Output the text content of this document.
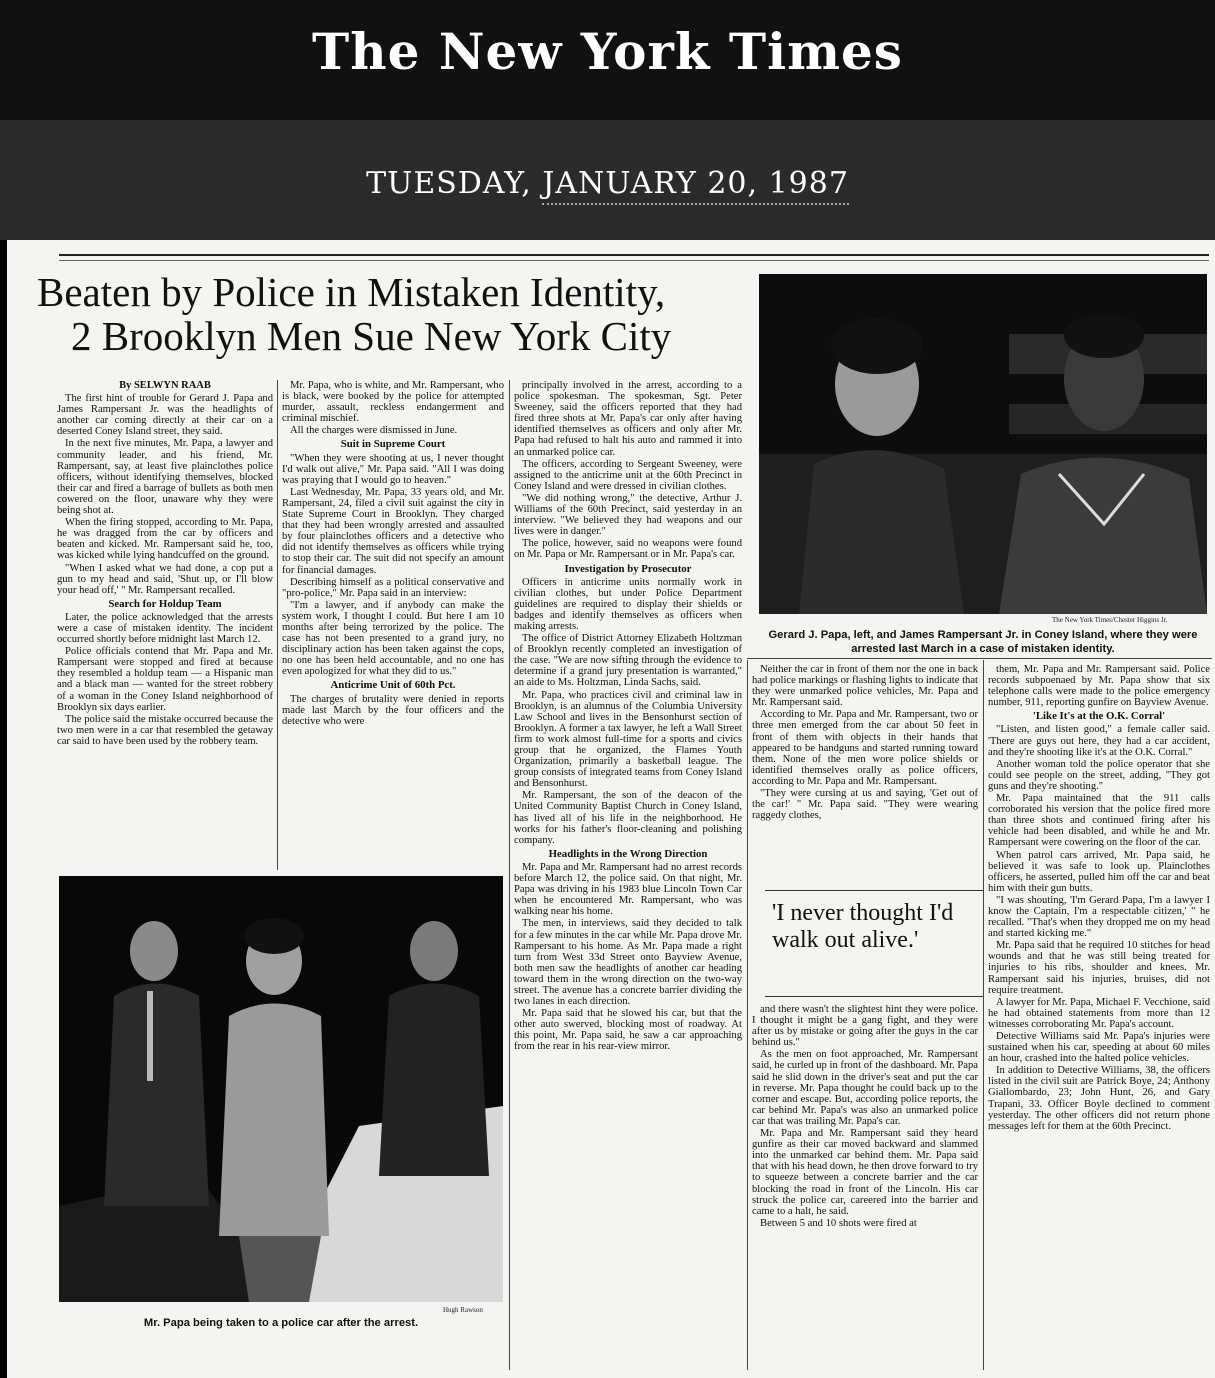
The New York Times
TUESDAY, JANUARY 20, 1987
Beaten by Police in Mistaken Identity,
2 Brooklyn Men Sue New York City
The New York Times/Chester Higgins Jr.
Gerard J. Papa, left, and James Rampersant Jr. in Coney Island, where they were arrested last March in a case of mistaken identity.
By SELWYN RAAB

The first hint of trouble for Gerard J. Papa and James Rampersant Jr. was the headlights of another car coming directly at their car on a deserted Coney Island street, they said.

In the next five minutes, Mr. Papa, a lawyer and community leader, and his friend, Mr. Rampersant, say, at least five plainclothes police officers, without identifying themselves, blocked their car and fired a barrage of bullets as both men cowered on the floor, unaware why they were being shot at.

When the firing stopped, according to Mr. Papa, he was dragged from the car by officers and beaten and kicked. Mr. Rampersant said he, too, was kicked while lying handcuffed on the ground.

"When I asked what we had done, a cop put a gun to my head and said, 'Shut up, or I'll blow your head off,' " Mr. Rampersant recalled.

Search for Holdup Team

Later, the police acknowledged that the arrests were a case of mistaken identity. The incident occurred shortly before midnight last March 12.

Police officials contend that Mr. Papa and Mr. Rampersant were stopped and fired at because they resembled a holdup team — a Hispanic man and a black man — wanted for the street robbery of a woman in the Coney Island neighborhood of Brooklyn six days earlier.

The police said the mistake occurred because the two men were in a car that resembled the getaway car said to have been used by the robbery team.

Mr. Papa, who is white, and Mr. Rampersant, who is black, were booked by the police for attempted murder, assault, reckless endangerment and criminal mischief.

All the charges were dismissed in June.

Suit in Supreme Court

"When they were shooting at us, I never thought I'd walk out alive," Mr. Papa said. "All I was doing was praying that I would go to heaven."

Last Wednesday, Mr. Papa, 33 years old, and Mr. Rampersant, 24, filed a civil suit against the city in State Supreme Court in Brooklyn. They charged that they had been wrongly arrested and assaulted by four plainclothes officers and a detective who did not identify themselves as officers while trying to stop their car. The suit did not specify an amount for financial damages.

Describing himself as a political conservative and "pro-police," Mr. Papa said in an interview:

"I'm a lawyer, and if anybody can make the system work, I thought I could. But here I am 10 months after being terrorized by the police. The case has not been presented to a grand jury, no disciplinary action has been taken against the cops, no one has been held accountable, and no one has even apologized for what they did to us."

Anticrime Unit of 60th Pct.

The charges of brutality were denied in reports made last March by the four officers and the detective who were

Hugh Rawson
Mr. Papa being taken to a police car after the arrest.

principally involved in the arrest, according to a police spokesman. The spokesman, Sgt. Peter Sweeney, said the officers reported that they had fired three shots at Mr. Papa's car only after having identified themselves as officers and only after Mr. Papa had refused to halt his auto and rammed it into an unmarked police car.

The officers, according to Sergeant Sweeney, were assigned to the anticrime unit at the 60th Precinct in Coney Island and were dressed in civilian clothes.

"We did nothing wrong," the detective, Arthur J. Williams of the 60th Precinct, said yesterday in an interview. "We believed they had weapons and our lives were in danger."

The police, however, said no weapons were found on Mr. Papa or Mr. Rampersant or in Mr. Papa's car.

Investigation by Prosecutor

Officers in anticrime units normally work in civilian clothes, but under Police Department guidelines are required to display their shields or badges and identify themselves as officers when making arrests.

The office of District Attorney Elizabeth Holtzman of Brooklyn recently completed an investigation of the case. "We are now sifting through the evidence to determine if a grand jury presentation is warranted," an aide to Ms. Holtzman, Linda Sachs, said.

Mr. Papa, who practices civil and criminal law in Brooklyn, is an alumnus of the Columbia University Law School and lives in the Bensonhurst section of Brooklyn. A former a tax lawyer, he left a Wall Street firm to work almost full-time for a sports and civics group that he organized, the Flames Youth Organization, primarily a basketball league. The group consists of integrated teams from Coney Island and Bensonhurst.

Mr. Rampersant, the son of the deacon of the United Community Baptist Church in Coney Island, has lived all of his life in the neighborhood. He works for his father's floor-cleaning and polishing company.

Headlights in the Wrong Direction

Mr. Papa and Mr. Rampersant had no arrest records before March 12, the police said. On that night, Mr. Papa was driving in his 1983 blue Lincoln Town Car when he encountered Mr. Rampersant, who was walking near his home.

The men, in interviews, said they decided to talk for a few minutes in the car while Mr. Papa drove Mr. Rampersant to his home. As Mr. Papa made a right turn from West 33d Street onto Bayview Avenue, both men saw the headlights of another car heading toward them in the wrong direction on the two-way street. The avenue has a concrete barrier dividing the two lanes in each direction.

Mr. Papa said that he slowed his car, but that the other auto swerved, blocking most of roadway. At this point, Mr. Papa said, he saw a car approaching from the rear in his rear-view mirror.

Neither the car in front of them nor the one in back had police markings or flashing lights to indicate that they were unmarked police vehicles, Mr. Papa and Mr. Rampersant said.

According to Mr. Papa and Mr. Rampersant, two or three men emerged from the car about 50 feet in front of them with objects in their hands that appeared to be handguns and started running toward them. None of the men wore police shields or identified themselves orally as police officers, according to Mr. Papa and Mr. Rampersant.

"They were cursing at us and saying, 'Get out of the car!' " Mr. Papa said. "They were wearing raggedy clothes,

'I never thought I'd walk out alive.'

and there wasn't the slightest hint they were police. I thought it might be a gang fight, and they were after us by mistake or going after the guys in the car behind us."

As the men on foot approached, Mr. Rampersant said, he curled up in front of the dashboard. Mr. Papa said he slid down in the driver's seat and put the car in reverse. Mr. Papa thought he could back up to the corner and escape. But, according police reports, the car behind Mr. Papa's was also an unmarked police car that was trailing Mr. Papa's car.

Mr. Papa and Mr. Rampersant said they heard gunfire as their car moved backward and slammed into the unmarked car behind them. Mr. Papa said that with his head down, he then drove forward to try to squeeze between a concrete barrier and the car blocking the road in front of the Lincoln. His car struck the police car, careered into the barrier and came to a halt, he said.

Between 5 and 10 shots were fired at

them, Mr. Papa and Mr. Rampersant said. Police records subpoenaed by Mr. Papa show that six telephone calls were made to the police emergency number, 911, reporting gunfire on Bayview Avenue.

'Like It's at the O.K. Corral'

"Listen, and listen good," a female caller said. 'There are guys out here, they had a car accident, and they're shooting like it's at the O.K. Corral."

Another woman told the police operator that she could see people on the street, adding, "They got guns and they're shooting."

Mr. Papa maintained that the 911 calls corroborated his version that the police fired more than three shots and continued firing after his vehicle had been disabled, and while he and Mr. Rampersant were cowering on the floor of the car.

When patrol cars arrived, Mr. Papa said, he believed it was safe to look up. Plainclothes officers, he asserted, pulled him off the car and beat him with their gun butts.

"I was shouting, 'I'm Gerard Papa, I'm a lawyer I know the Captain, I'm a respectable citizen,' " he recalled. "That's when they dropped me on my head and started kicking me."

Mr. Papa said that he required 10 stitches for head wounds and that he was still being treated for injuries to his ribs, shoulder and knees. Mr. Rampersant said his injuries, bruises, did not require treatment.

A lawyer for Mr. Papa, Michael F. Vecchione, said he had obtained statements from more than 12 witnesses corroborating Mr. Papa's account.

Detective Williams said Mr. Papa's injuries were sustained when his car, speeding at about 60 miles an hour, crashed into the halted police vehicles.

In addition to Detective Williams, 38, the officers listed in the civil suit are Patrick Boye, 24; Anthony Giallombardo, 23; John Hunt, 26, and Gary Trapani, 33. Officer Boyle declined to comment yesterday. The other officers did not return phone messages left for them at the 60th Precinct.
